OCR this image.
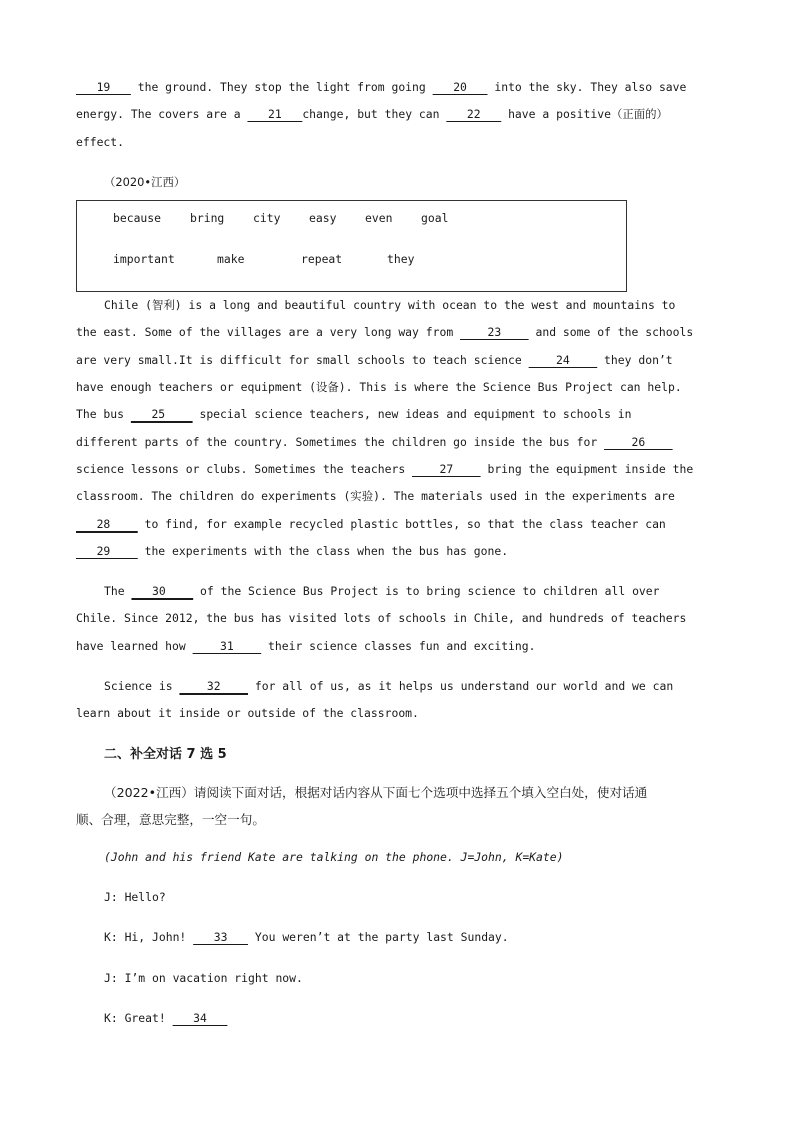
19    the ground. They stop the light from going    20    into the sky. They also save
energy. The covers are a    21   change, but they can    22    have a positive（正面的）
effect.
（2020•江西）
because	bring	city	easy	even	goal
important	make	repeat	they
Chile (智利) is a long and beautiful country with ocean to the west and mountains to
the east. Some of the villages are a very long way from     23     and some of the schools
are very small.It is difficult for small schools to teach science     24     they don’t
have enough teachers or equipment (设备). This is where the Science Bus Project can help.
The bus    25     special science teachers, new ideas and equipment to schools in
different parts of the country. Sometimes the children go inside the bus for     26
science lessons or clubs. Sometimes the teachers     27     bring the equipment inside the
classroom. The children do experiments (实验). The materials used in the experiments are
28     to find, for example recycled plastic bottles, so that the class teacher can
29     the experiments with the class when the bus has gone.
The    30     of the Science Bus Project is to bring science to children all over
Chile. Since 2012, the bus has visited lots of schools in Chile, and hundreds of teachers
have learned how     31     their science classes fun and exciting.
Science is     32     for all of us, as it helps us understand our world and we can
learn about it inside or outside of the classroom.
二、补全对话 7 选 5
（2022•江西）请阅读下面对话，根据对话内容从下面七个选项中选择五个填入空白处，使对话通
顺、合理，意思完整，一空一句。
(John and his friend Kate are talking on the phone. J=John, K=Kate)
J: Hello?
K: Hi, John!    33    You weren’t at the party last Sunday.
J: I’m on vacation right now.
K: Great!    34
